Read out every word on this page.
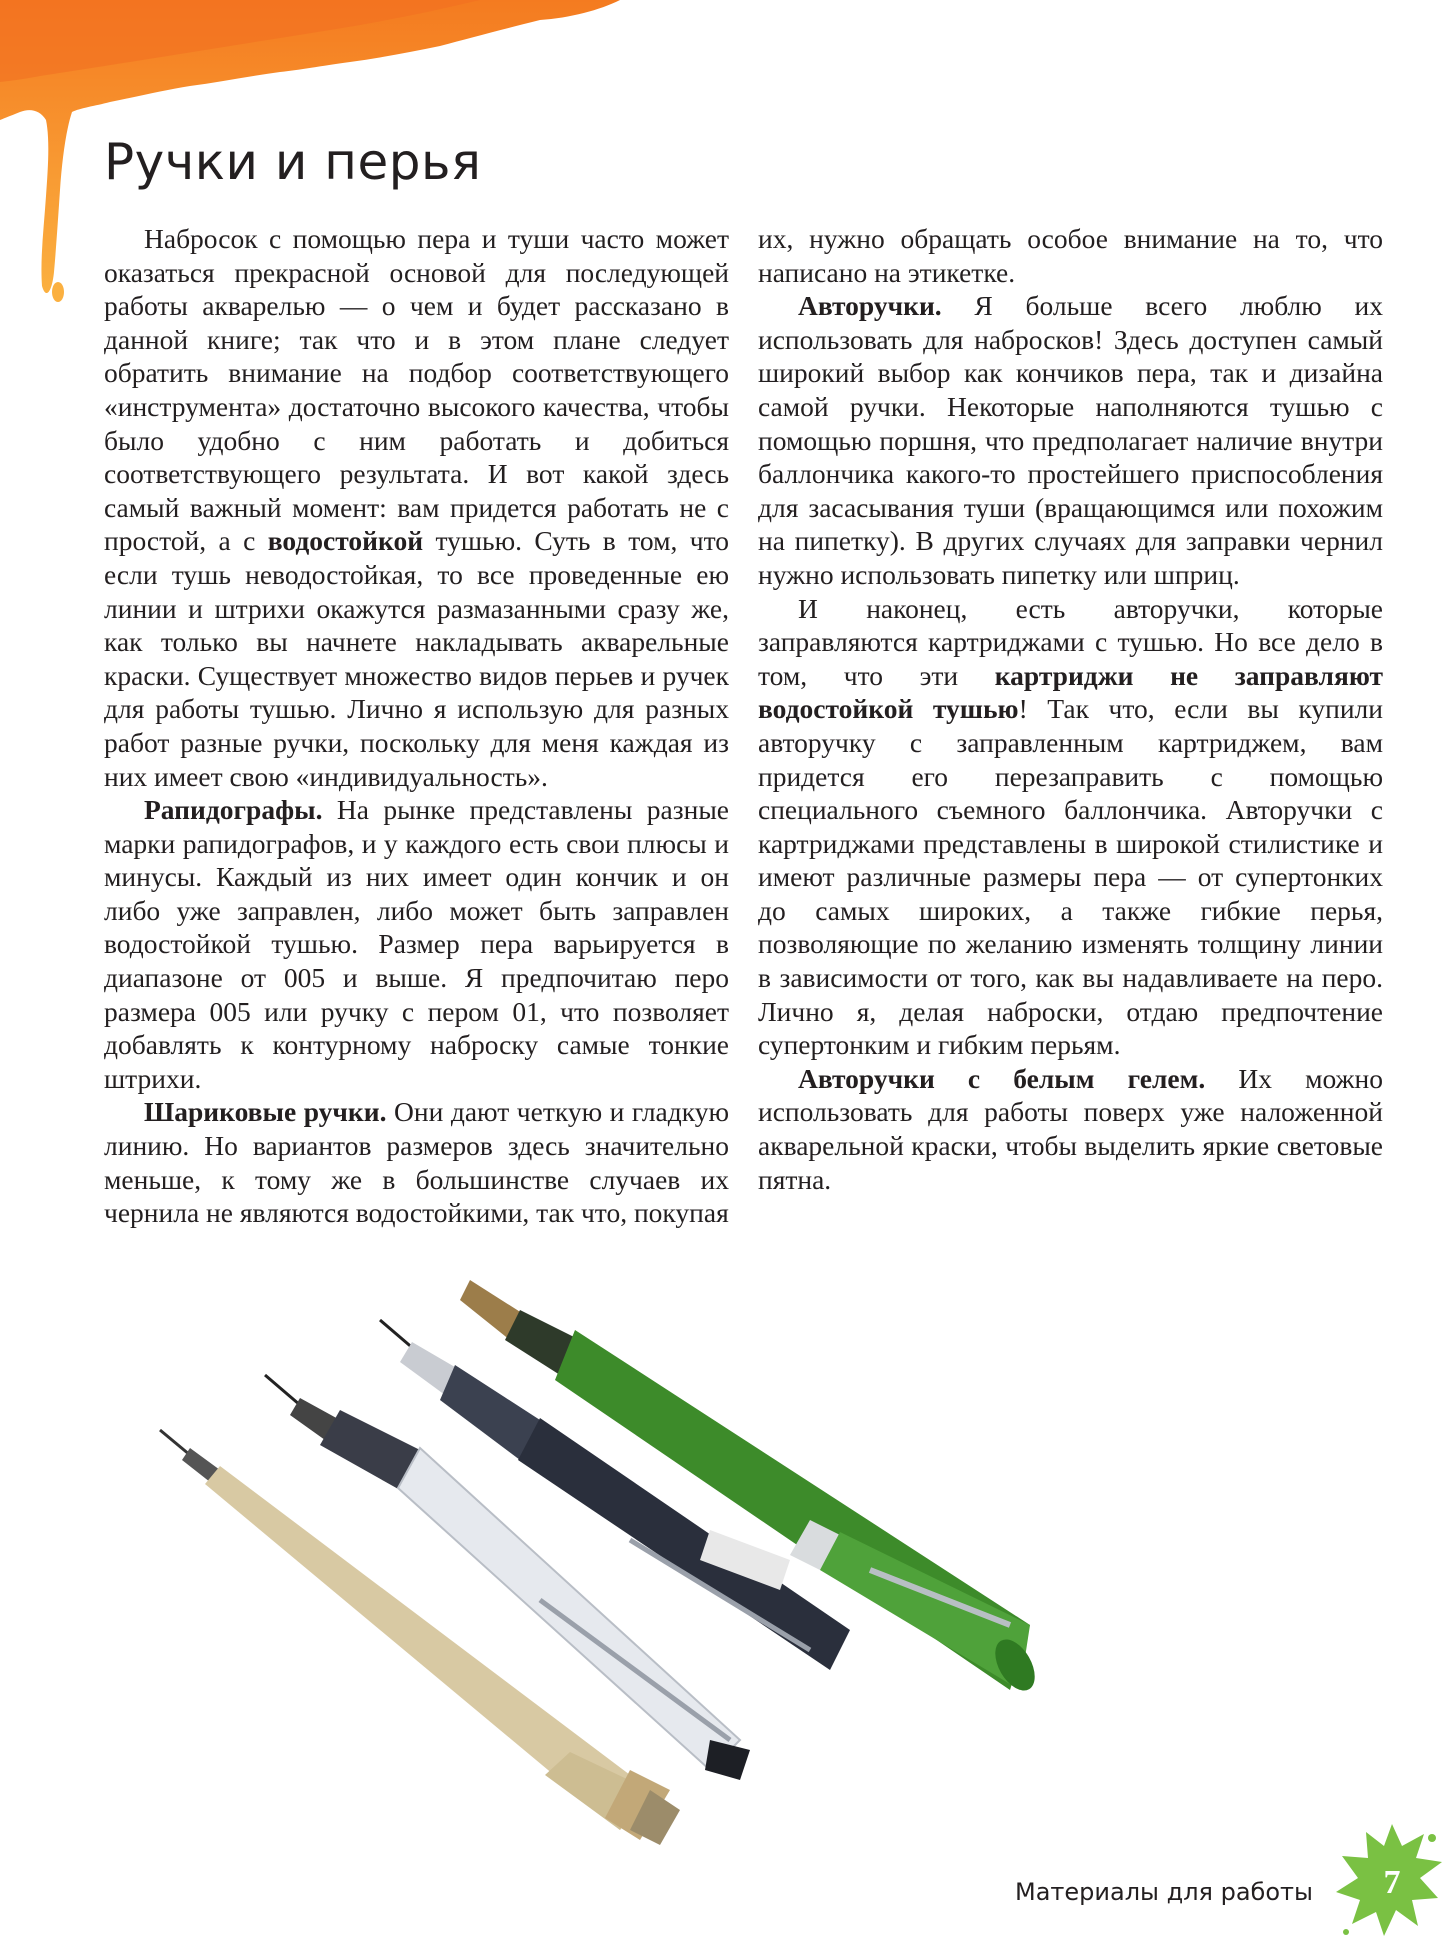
Ручки и перья

Набросок с помощью пера и туши часто может оказаться прекрасной основой для последующей работы акварелью — о чем и будет рассказано в данной книге; так что и в этом плане следует обратить внимание на подбор соответствующего «инструмента» достаточно высокого качества, чтобы было удобно с ним работать и добиться соответствующего результата. И вот какой здесь самый важный момент: вам придется работать не с простой, а с водостойкой тушью. Суть в том, что если тушь неводостойкая, то все проведенные ею линии и штрихи окажутся размазанными сразу же, как только вы начнете накладывать акварельные краски. Существует множество видов перьев и ручек для работы тушью. Лично я использую для разных работ разные ручки, поскольку для меня каждая из них имеет свою «индивидуальность».

Рапидографы. На рынке представлены разные марки рапидографов, и у каждого есть свои плюсы и минусы. Каждый из них имеет один кончик и он либо уже заправлен, либо может быть заправлен водостойкой тушью. Размер пера варьируется в диапазоне от 005 и выше. Я предпочитаю перо размера 005 или ручку с пером 01, что позволяет добавлять к контурному наброску самые тонкие штрихи.

Шариковые ручки. Они дают четкую и гладкую линию. Но вариантов размеров здесь значительно меньше, к тому же в большинстве случаев их чернила не являются водостойкими, так что, покупая

их, нужно обращать особое внимание на то, что написано на этикетке.

Авторучки. Я больше всего люблю их использовать для набросков! Здесь доступен самый широкий выбор как кончиков пера, так и дизайна самой ручки. Некоторые наполняются тушью с помощью поршня, что предполагает наличие внутри баллончика какого-то простейшего приспособления для засасывания туши (вращающимся или похожим на пипетку). В других случаях для заправки чернил нужно использовать пипетку или шприц.

И наконец, есть авторучки, которые заправляются картриджами с тушью. Но все дело в том, что эти картриджи не заправляют водостойкой тушью! Так что, если вы купили авторучку с заправленным картриджем, вам придется его перезаправить с помощью специального съемного баллончика. Авторучки с картриджами представлены в широкой стилистике и имеют различные размеры пера — от супертонких до самых широких, а также гибкие перья, позволяющие по желанию изменять толщину линии в зависимости от того, как вы надавливаете на перо. Лично я, делая наброски, отдаю предпочтение супертонким и гибким перьям.

Авторучки с белым гелем. Их можно использовать для работы поверх уже наложенной акварельной краски, чтобы выделить яркие световые пятна.

Материалы для работы	7
